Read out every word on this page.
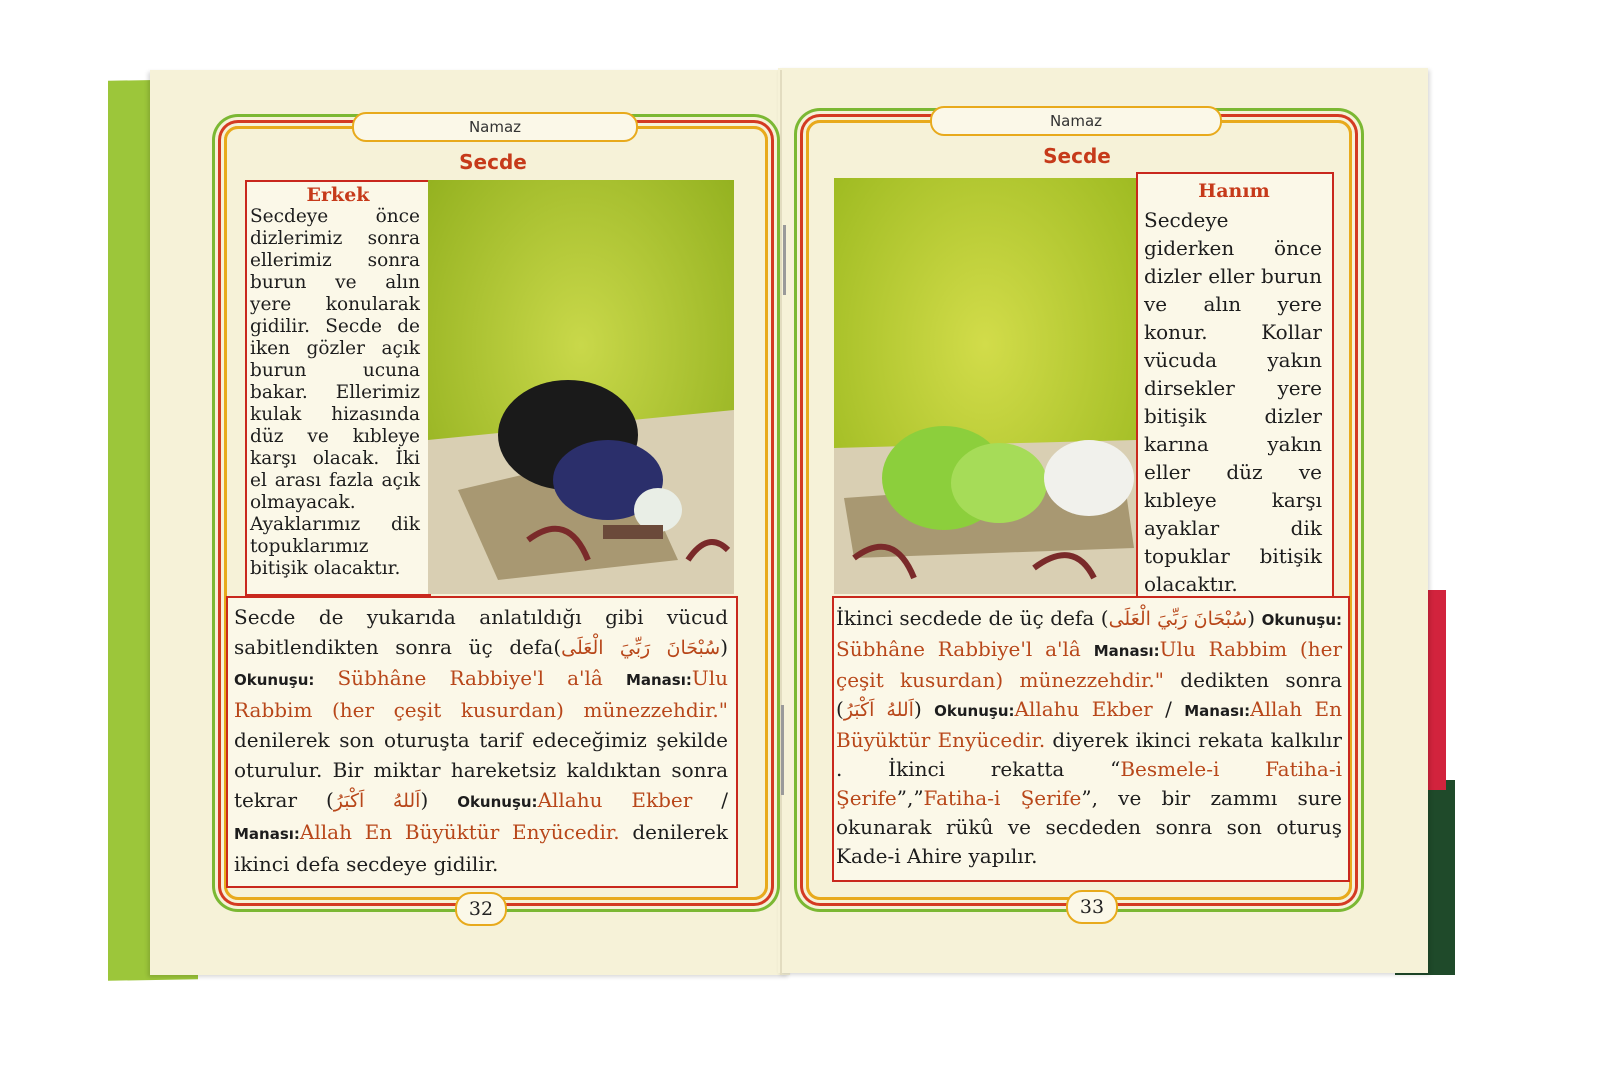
Namaz
Secde
Erkek
Secdeye önce dizlerimiz sonra ellerimiz sonra burun ve alın yere konularak gidilir. Secde de iken gözler açık burun ucuna bakar. Ellerimiz kulak hizasında düz ve kıbleye karşı olacak. İki el arası fazla açık olmayacak. Ayaklarımız dik topuklarımız bitişik olacaktır.
Secde de yukarıda anlatıldığı gibi vücud sabitlendikten sonra üç defa(سُبْحَانَ رَبِّيَ الْعَلَى) Okunuşu: Sübhâne Rabbiye'l a'lâ Manası:Ulu Rabbim (her çeşit kusurdan) münezzehdir." denilerek son oturuşta tarif edeceğimiz şekilde oturulur. Bir miktar hareketsiz kaldıktan sonra tekrar (اَللهُ اَكْبَرُ) Okunuşu:Allahu Ekber / Manası:Allah En Büyüktür Enyücedir. denilerek ikinci defa secdeye gidilir.
32
Namaz
Secde
Hanım
Secdeye giderken önce dizler eller burun ve alın yere konur. Kollar vücuda yakın dirsekler yere bitişik dizler karına yakın eller düz ve kıbleye karşı ayaklar dik topuklar bitişik olacaktır.
İkinci secdede de üç defa (سُبْحَانَ رَبِّيَ الْعَلَى) Okunuşu: Sübhâne Rabbiye'l a'lâ Manası:Ulu Rabbim (her çeşit kusurdan) münezzehdir." dedikten sonra (اَللهُ اَكْبَرُ) Okunuşu:Allahu Ekber / Manası:Allah En Büyüktür Enyücedir. diyerek ikinci rekata kalkılır . İkinci rekatta “Besmele-i Fatiha-i Şerife”,”Fatiha-i Şerife”, ve bir zammı sure okunarak rükû ve secdeden sonra son oturuş Kade-i Ahire yapılır.
33
